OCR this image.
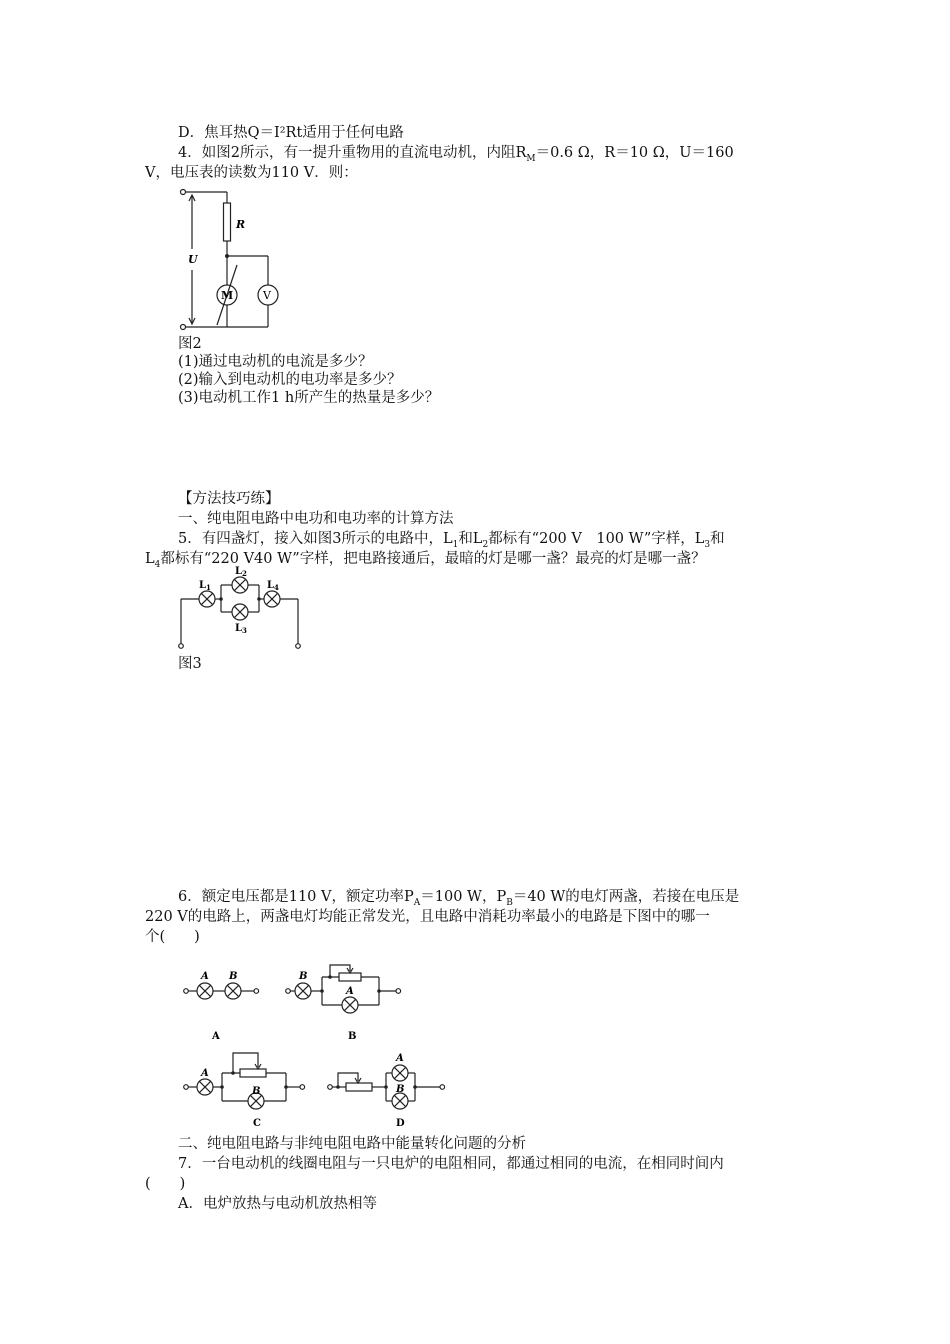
D．焦耳热Q＝I²Rt适用于任何电路
4．如图2所示，有一提升重物用的直流电动机，内阻$R_M=0.6$ Ω，R＝10 Ω，U＝160
V，电压表的读数为110 V．则：
R
U
M	V
图2
(1)通过电动机的电流是多少？
(2)输入到电动机的电功率是多少？
(3)电动机工作1 h所产生的热量是多少？
【方法技巧练】
一、纯电阻电路中电功和电功率的计算方法
5．有四盏灯，接入如图3所示的电路中，$L_1$和$L_2$都标有“200 V　100 W”字样，$L_3$和
$L_4$都标有“220 V40 W”字样，把电路接通后，最暗的灯是哪一盏？最亮的灯是哪一盏？
$L_1$
$L_2$
$L_3$
$L_4$
图3
6．额定电压都是110 V，额定功率$P_A=100$ W，$P_B=40$ W的电灯两盏，若接在电压是
220 V的电路上，两盏电灯均能正常发光，且电路中消耗功率最小的电路是下图中的哪一
个(　　)
A B
A
B
A
B
A
B
C
A
B
D
二、纯电阻电路与非纯电阻电路中能量转化问题的分析
7．一台电动机的线圈电阻与一只电炉的电阻相同，都通过相同的电流，在相同时间内
(　　)
A．电炉放热与电动机放热相等
